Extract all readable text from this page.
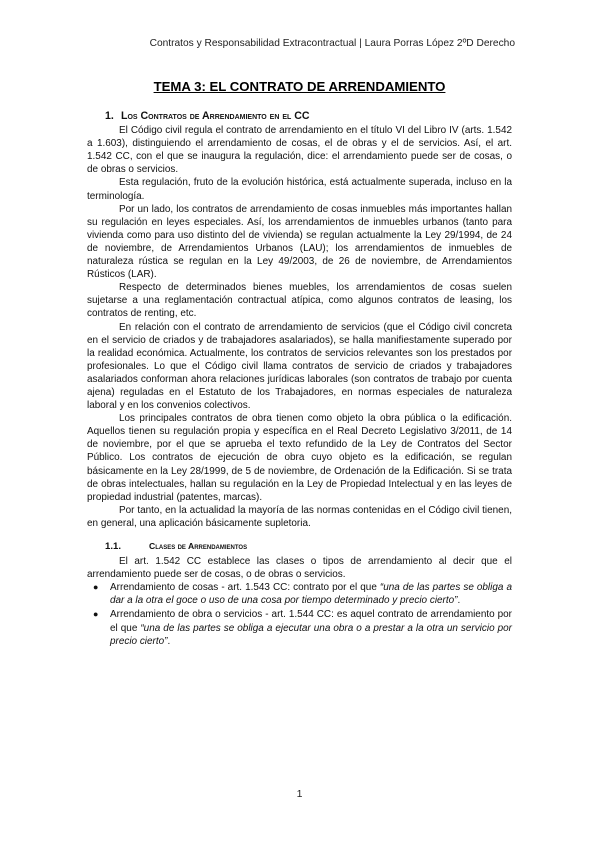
Contratos y Responsabilidad Extracontractual | Laura Porras López 2ºD Derecho
TEMA 3: EL CONTRATO DE ARRENDAMIENTO
1. Los Contratos de Arrendamiento en el CC

El Código civil regula el contrato de arrendamiento en el título VI del Libro IV (arts. 1.542 a 1.603), distinguiendo el arrendamiento de cosas, el de obras y el de servicios. Así, el art. 1.542 CC, con el que se inaugura la regulación, dice: el arrendamiento puede ser de cosas, o de obras o servicios.

Esta regulación, fruto de la evolución histórica, está actualmente superada, incluso en la terminología.

Por un lado, los contratos de arrendamiento de cosas inmuebles más importantes hallan su regulación en leyes especiales. Así, los arrendamientos de inmuebles urbanos (tanto para vivienda como para uso distinto del de vivienda) se regulan actualmente la Ley 29/1994, de 24 de noviembre, de Arrendamientos Urbanos (LAU); los arrendamientos de inmuebles de naturaleza rústica se regulan en la Ley 49/2003, de 26 de noviembre, de Arrendamientos Rústicos (LAR).

Respecto de determinados bienes muebles, los arrendamientos de cosas suelen sujetarse a una reglamentación contractual atípica, como algunos contratos de leasing, los contratos de renting, etc.

En relación con el contrato de arrendamiento de servicios (que el Código civil concreta en el servicio de criados y de trabajadores asalariados), se halla manifiestamente superado por la realidad económica. Actualmente, los contratos de servicios relevantes son los prestados por profesionales. Lo que el Código civil llama contratos de servicio de criados y trabajadores asalariados conforman ahora relaciones jurídicas laborales (son contratos de trabajo por cuenta ajena) reguladas en el Estatuto de los Trabajadores, en normas especiales de naturaleza laboral y en los convenios colectivos.

Los principales contratos de obra tienen como objeto la obra pública o la edificación. Aquellos tienen su regulación propia y específica en el Real Decreto Legislativo 3/2011, de 14 de noviembre, por el que se aprueba el texto refundido de la Ley de Contratos del Sector Público. Los contratos de ejecución de obra cuyo objeto es la edificación, se regulan básicamente en la Ley 28/1999, de 5 de noviembre, de Ordenación de la Edificación. Si se trata de obras intelectuales, hallan su regulación en la Ley de Propiedad Intelectual y en las leyes de propiedad industrial (patentes, marcas).

Por tanto, en la actualidad la mayoría de las normas contenidas en el Código civil tienen, en general, una aplicación básicamente supletoria.

1.1.	Clases de Arrendamientos

El art. 1.542 CC establece las clases o tipos de arrendamiento al decir que el arrendamiento puede ser de cosas, o de obras o servicios.

● Arrendamiento de cosas - art. 1.543 CC: contrato por el que “una de las partes se obliga a dar a la otra el goce o uso de una cosa por tiempo determinado y precio cierto”.
● Arrendamiento de obra o servicios - art. 1.544 CC: es aquel contrato de arrendamiento por el que “una de las partes se obliga a ejecutar una obra o a prestar a la otra un servicio por precio cierto”.
1
